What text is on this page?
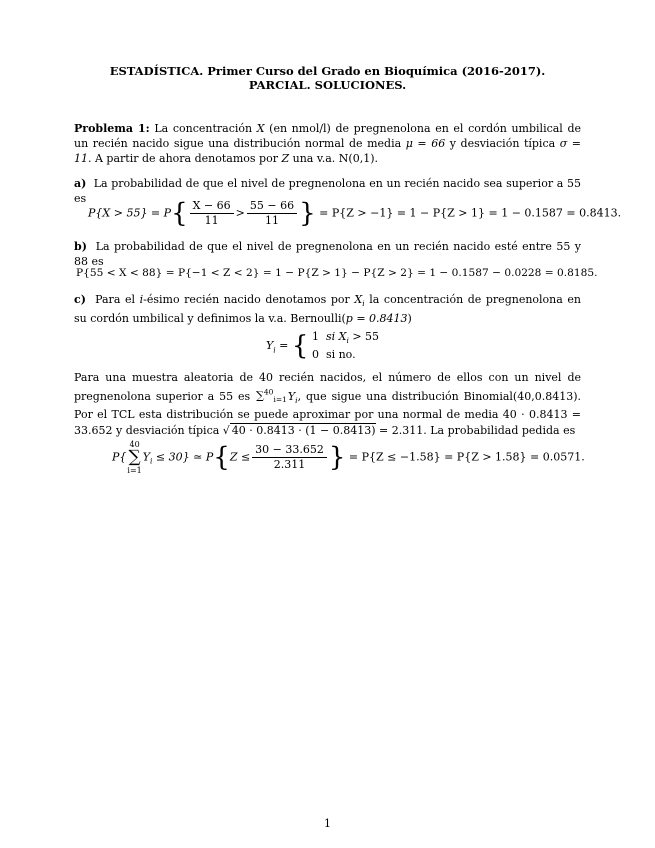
ESTADÍSTICA. Primer Curso del Grado en Bioquímica (2016-2017).
PARCIAL. SOLUCIONES.
Problema 1: La concentración X (en nmol/l) de pregnenolona en el cordón umbilical de un recién nacido sigue una distribución normal de media μ = 66 y desviación típica σ = 11. A partir de ahora denotamos por Z una v.a. N(0,1).
a) La probabilidad de que el nivel de pregnenolona en un recién nacido sea superior a 55 es
$P\{X > 55\} = P\{ \frac{X - 66}{11} > \frac{55 - 66}{11}$ } = P{Z > −1} = 1 − P{Z > 1} = 1 − 0.1587 = 0.8413.
b) La probabilidad de que el nivel de pregnenolona en un recién nacido esté entre 55 y 88 es
P{55 < X < 88} = P{−1 < Z < 2} = 1 − P{Z > 1} − P{Z > 2} = 1 − 0.1587 − 0.0228 = 0.8185.
c) Para el i-ésimo recién nacido denotamos por $X_i$ la concentración de pregnenolona en su cordón umbilical y definimos la v.a. Bernoulli(p = 0.8413)
$Y_i$ = { 1 si $X_i > 55$
0 si no.
Para una muestra aleatoria de 40 recién nacidos, el número de ellos con un nivel de pregnenolona superior a 55 es $\sum^{40}_{i=1}Y_i$, que sigue una distribución Binomial(40,0.8413). Por el TCL esta distribución se puede aproximar por una normal de media 40 · 0.8413 = 33.652 y desviación típica √ 40 · 0.8413 · (1 − 0.8413) = 2.311. La probabilidad pedida es
P{40
∑
$i=1Y_i \le 30$} ≃ $P\{Z \le \frac{30 - 33.652}{2.311}$ } = P{Z ≤ −1.58} = P{Z > 1.58} = 0.0571.
1
